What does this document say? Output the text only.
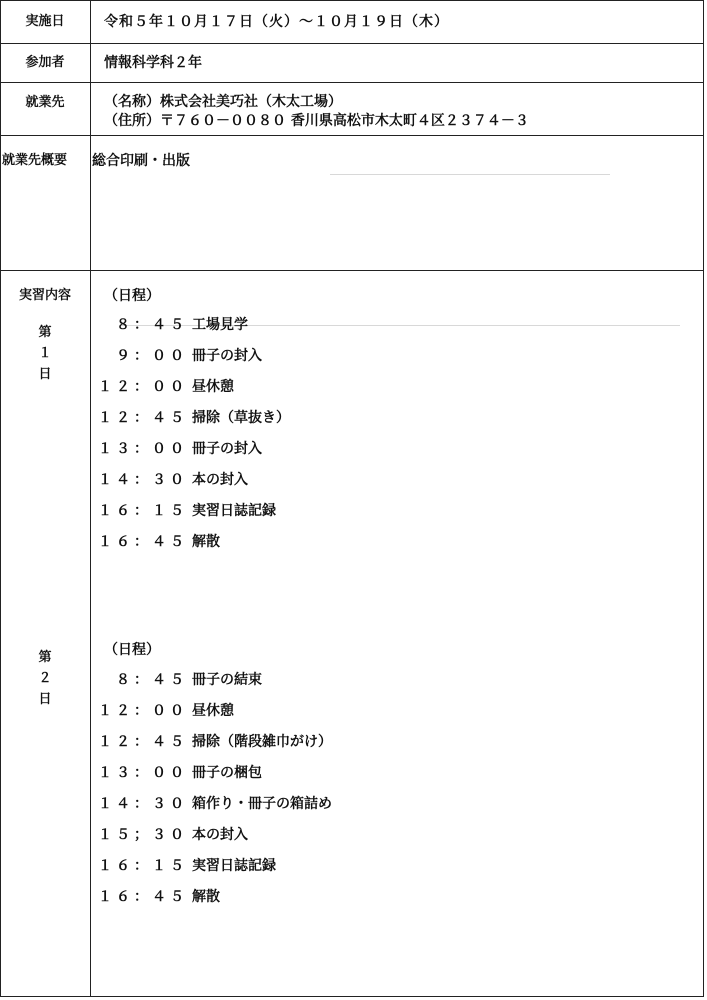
実施日	令和５年１０月１７日（火）～１０月１９日（木）
参加者	情報科学科２年
就業先	（名称）株式会社美巧社（木太工場）
（住所）〒７６０－００８０ 香川県高松市木太町４区２３７４－３
就業先概要	総合印刷・出版
実習内容
第
１
日
（日程）
８：４５ 工場見学
９：００ 冊子の封入
１２：００ 昼休憩
１２：４５ 掃除（草抜き）
１３：００ 冊子の封入
１４：３０ 本の封入
１６：１５ 実習日誌記録
１６：４５ 解散
第
２
日
（日程）
８：４５ 冊子の結束
１２：００ 昼休憩
１２：４５ 掃除（階段雑巾がけ）
１３：００ 冊子の梱包
１４：３０ 箱作り・冊子の箱詰め
１５；３０ 本の封入
１６：１５ 実習日誌記録
１６：４５ 解散
